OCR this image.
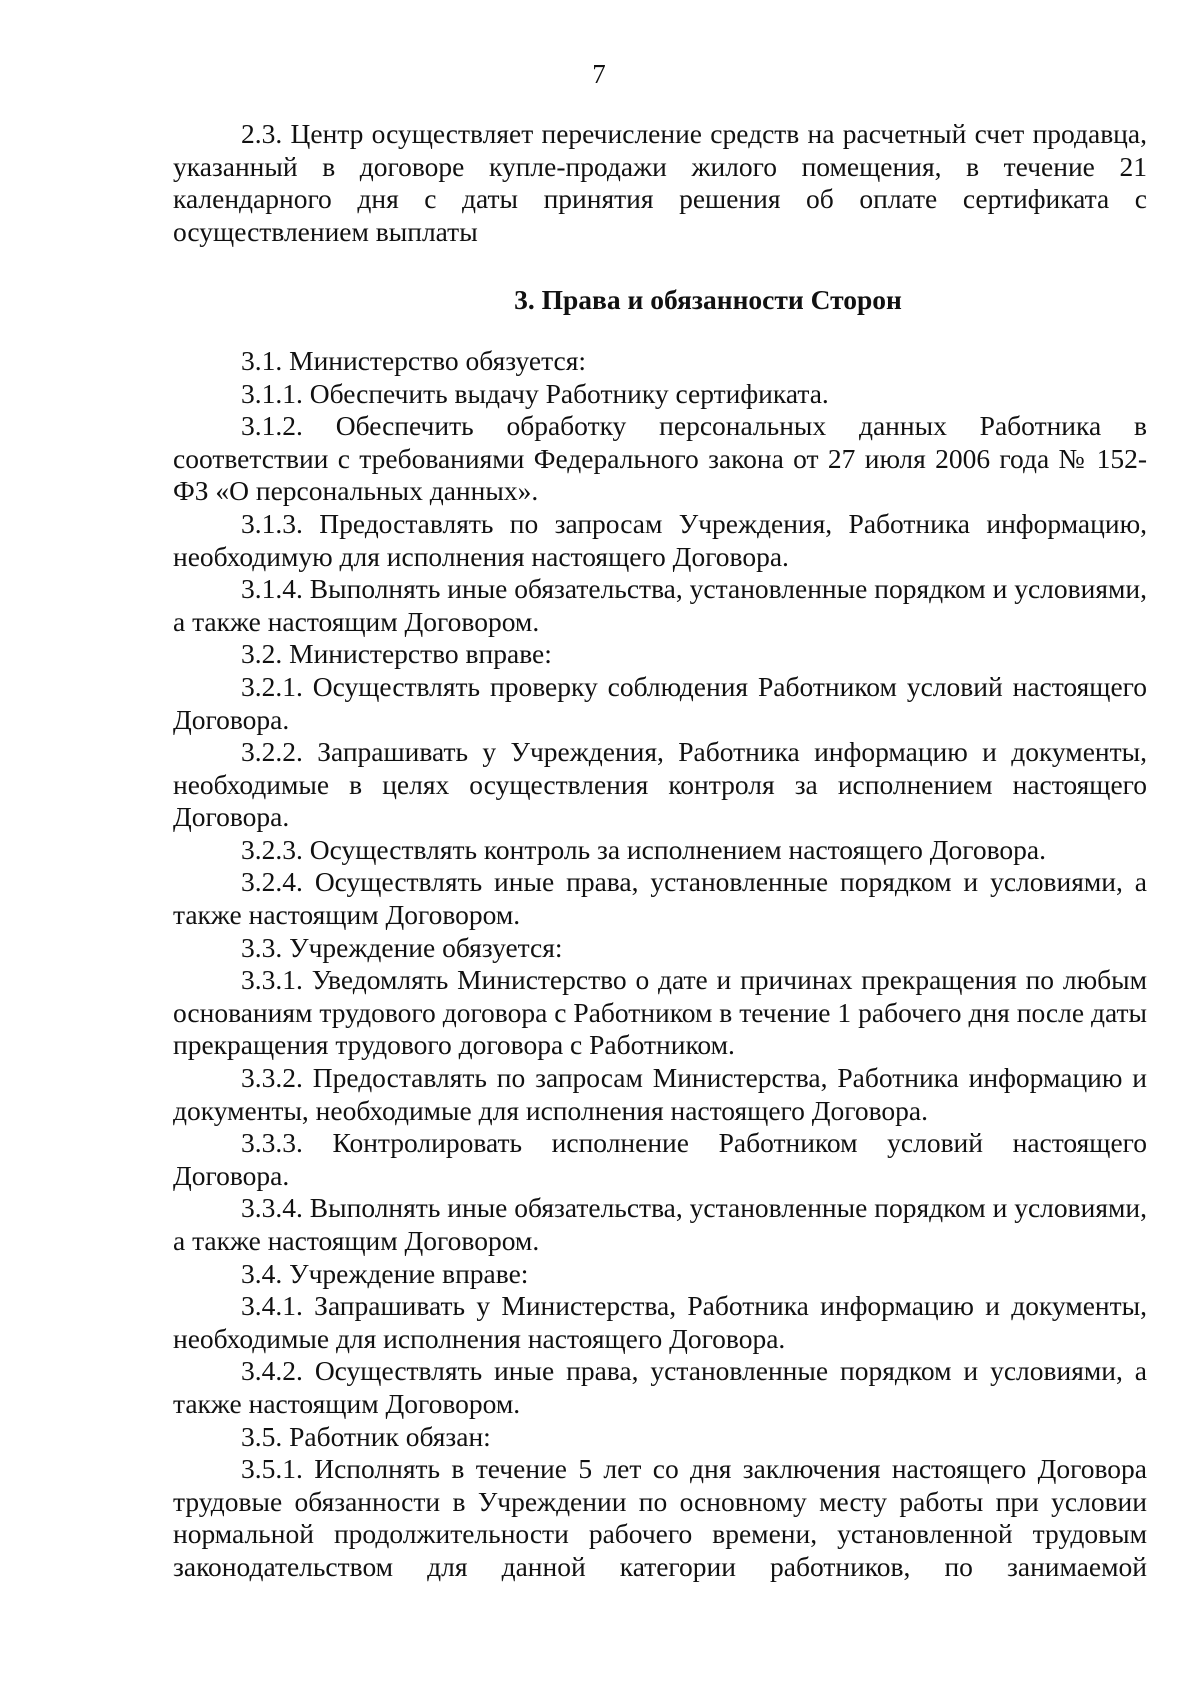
7

2.3. Центр осуществляет перечисление средств на расчетный счет продавца, указанный в договоре купле-продажи жилого помещения, в течение 21 календарного дня с даты принятия решения об оплате сертификата с осуществлением выплаты

3. Права и обязанности Сторон

3.1. Министерство обязуется:

3.1.1. Обеспечить выдачу Работнику сертификата.

3.1.2. Обеспечить обработку персональных данных Работника в соответствии с требованиями Федерального закона от 27 июля 2006 года № 152-ФЗ «О персональных данных».

3.1.3. Предоставлять по запросам Учреждения, Работника информацию, необходимую для исполнения настоящего Договора.

3.1.4. Выполнять иные обязательства, установленные порядком и условиями, а также настоящим Договором.

3.2. Министерство вправе:

3.2.1. Осуществлять проверку соблюдения Работником условий настоящего Договора.

3.2.2. Запрашивать у Учреждения, Работника информацию и документы, необходимые в целях осуществления контроля за исполнением настоящего Договора.

3.2.3. Осуществлять контроль за исполнением настоящего Договора.

3.2.4. Осуществлять иные права, установленные порядком и условиями, а также настоящим Договором.

3.3. Учреждение обязуется:

3.3.1. Уведомлять Министерство о дате и причинах прекращения по любым основаниям трудового договора с Работником в течение 1 рабочего дня после даты прекращения трудового договора с Работником.

3.3.2. Предоставлять по запросам Министерства, Работника информацию и документы, необходимые для исполнения настоящего Договора.

3.3.3. Контролировать исполнение Работником условий настоящего Договора.

3.3.4. Выполнять иные обязательства, установленные порядком и условиями, а также настоящим Договором.

3.4. Учреждение вправе:

3.4.1. Запрашивать у Министерства, Работника информацию и документы, необходимые для исполнения настоящего Договора.

3.4.2. Осуществлять иные права, установленные порядком и условиями, а также настоящим Договором.

3.5. Работник обязан:

3.5.1. Исполнять в течение 5 лет со дня заключения настоящего Договора трудовые обязанности в Учреждении по основному месту работы при условии нормальной продолжительности рабочего времени, установленной трудовым законодательством для данной категории работников, по занимаемой
